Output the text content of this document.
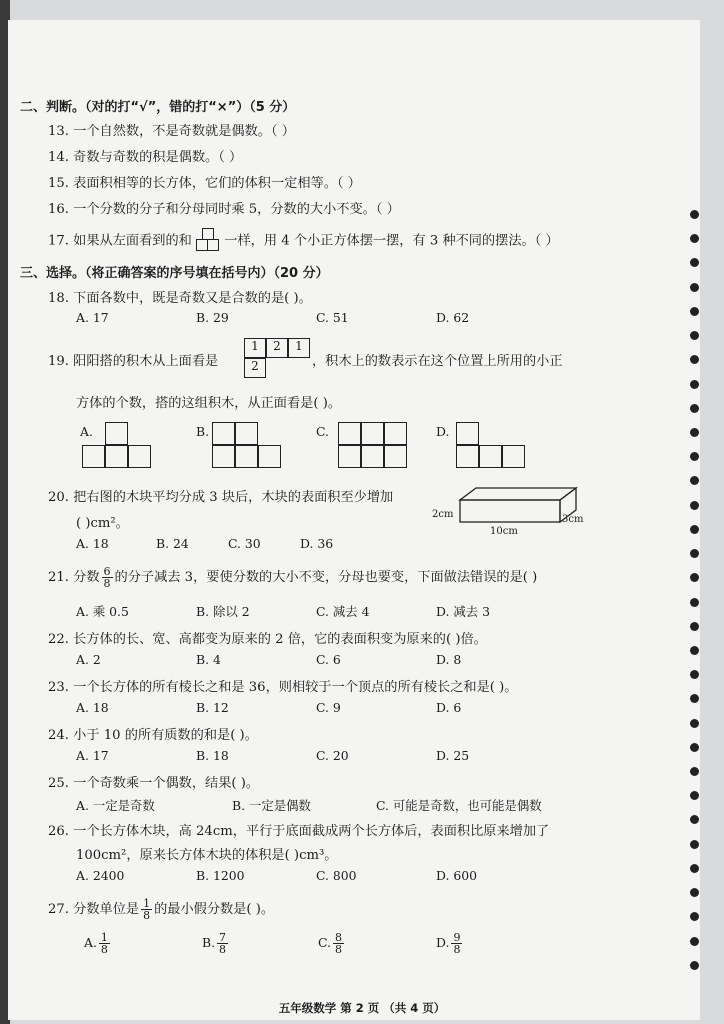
二、判断。（对的打“√”，错的打“×”）（5 分）
13. 一个自然数，不是奇数就是偶数。（ ）
14. 奇数与奇数的积是偶数。（ ）
15. 表面积相等的长方体，它们的体积一定相等。（ ）
16. 一个分数的分子和分母同时乘 5，分数的大小不变。（ ）
17. 如果从左面看到的和 一样，用 4 个小正方体摆一摆，有 3 种不同的摆法。（ ）
三、选择。（将正确答案的序号填在括号内）（20 分）
18. 下面各数中，既是奇数又是合数的是( )。
A. 17	B. 29	C. 51	D. 62
19. 阳阳搭的积木从上面看是
1	2	1
2	，积木上的数表示在这个位置上所用的小正
方体的个数，搭的这组积木，从正面看是( )。
A.	B.	C.	D.
20. 把右图的木块平均分成 3 块后，木块的表面积至少增加
( )cm²。
A. 18	B. 24	C. 30	D. 36
2cm
10cm
3cm
21. 分数 $\frac{6}{8}$ 的分子减去 3，要使分数的大小不变，分母也要变，下面做法错误的是( )
A. 乘 0.5	B. 除以 2	C. 减去 4	D. 减去 3
22. 长方体的长、宽、高都变为原来的 2 倍，它的表面积变为原来的( )倍。
A. 2	B. 4	C. 6	D. 8
23. 一个长方体的所有棱长之和是 36，则相较于一个顶点的所有棱长之和是( )。
A. 18	B. 12	C. 9	D. 6
24. 小于 10 的所有质数的和是( )。
A. 17	B. 18	C. 20	D. 25
25. 一个奇数乘一个偶数，结果( )。
A. 一定是奇数	B. 一定是偶数	C. 可能是奇数，也可能是偶数
26. 一个长方体木块，高 24cm，平行于底面截成两个长方体后，表面积比原来增加了
100cm²，原来长方体木块的体积是( )cm³。
A. 2400	B. 1200	C. 800	D. 600
27. 分数单位是 $\frac{1}{8}$ 的最小假分数是( )。
A. $\frac{1}{8}$	B. $\frac{7}{8}$	C. $\frac{8}{8}$	D. $\frac{9}{8}$
五年级数学 第 2 页 （共 4 页）
